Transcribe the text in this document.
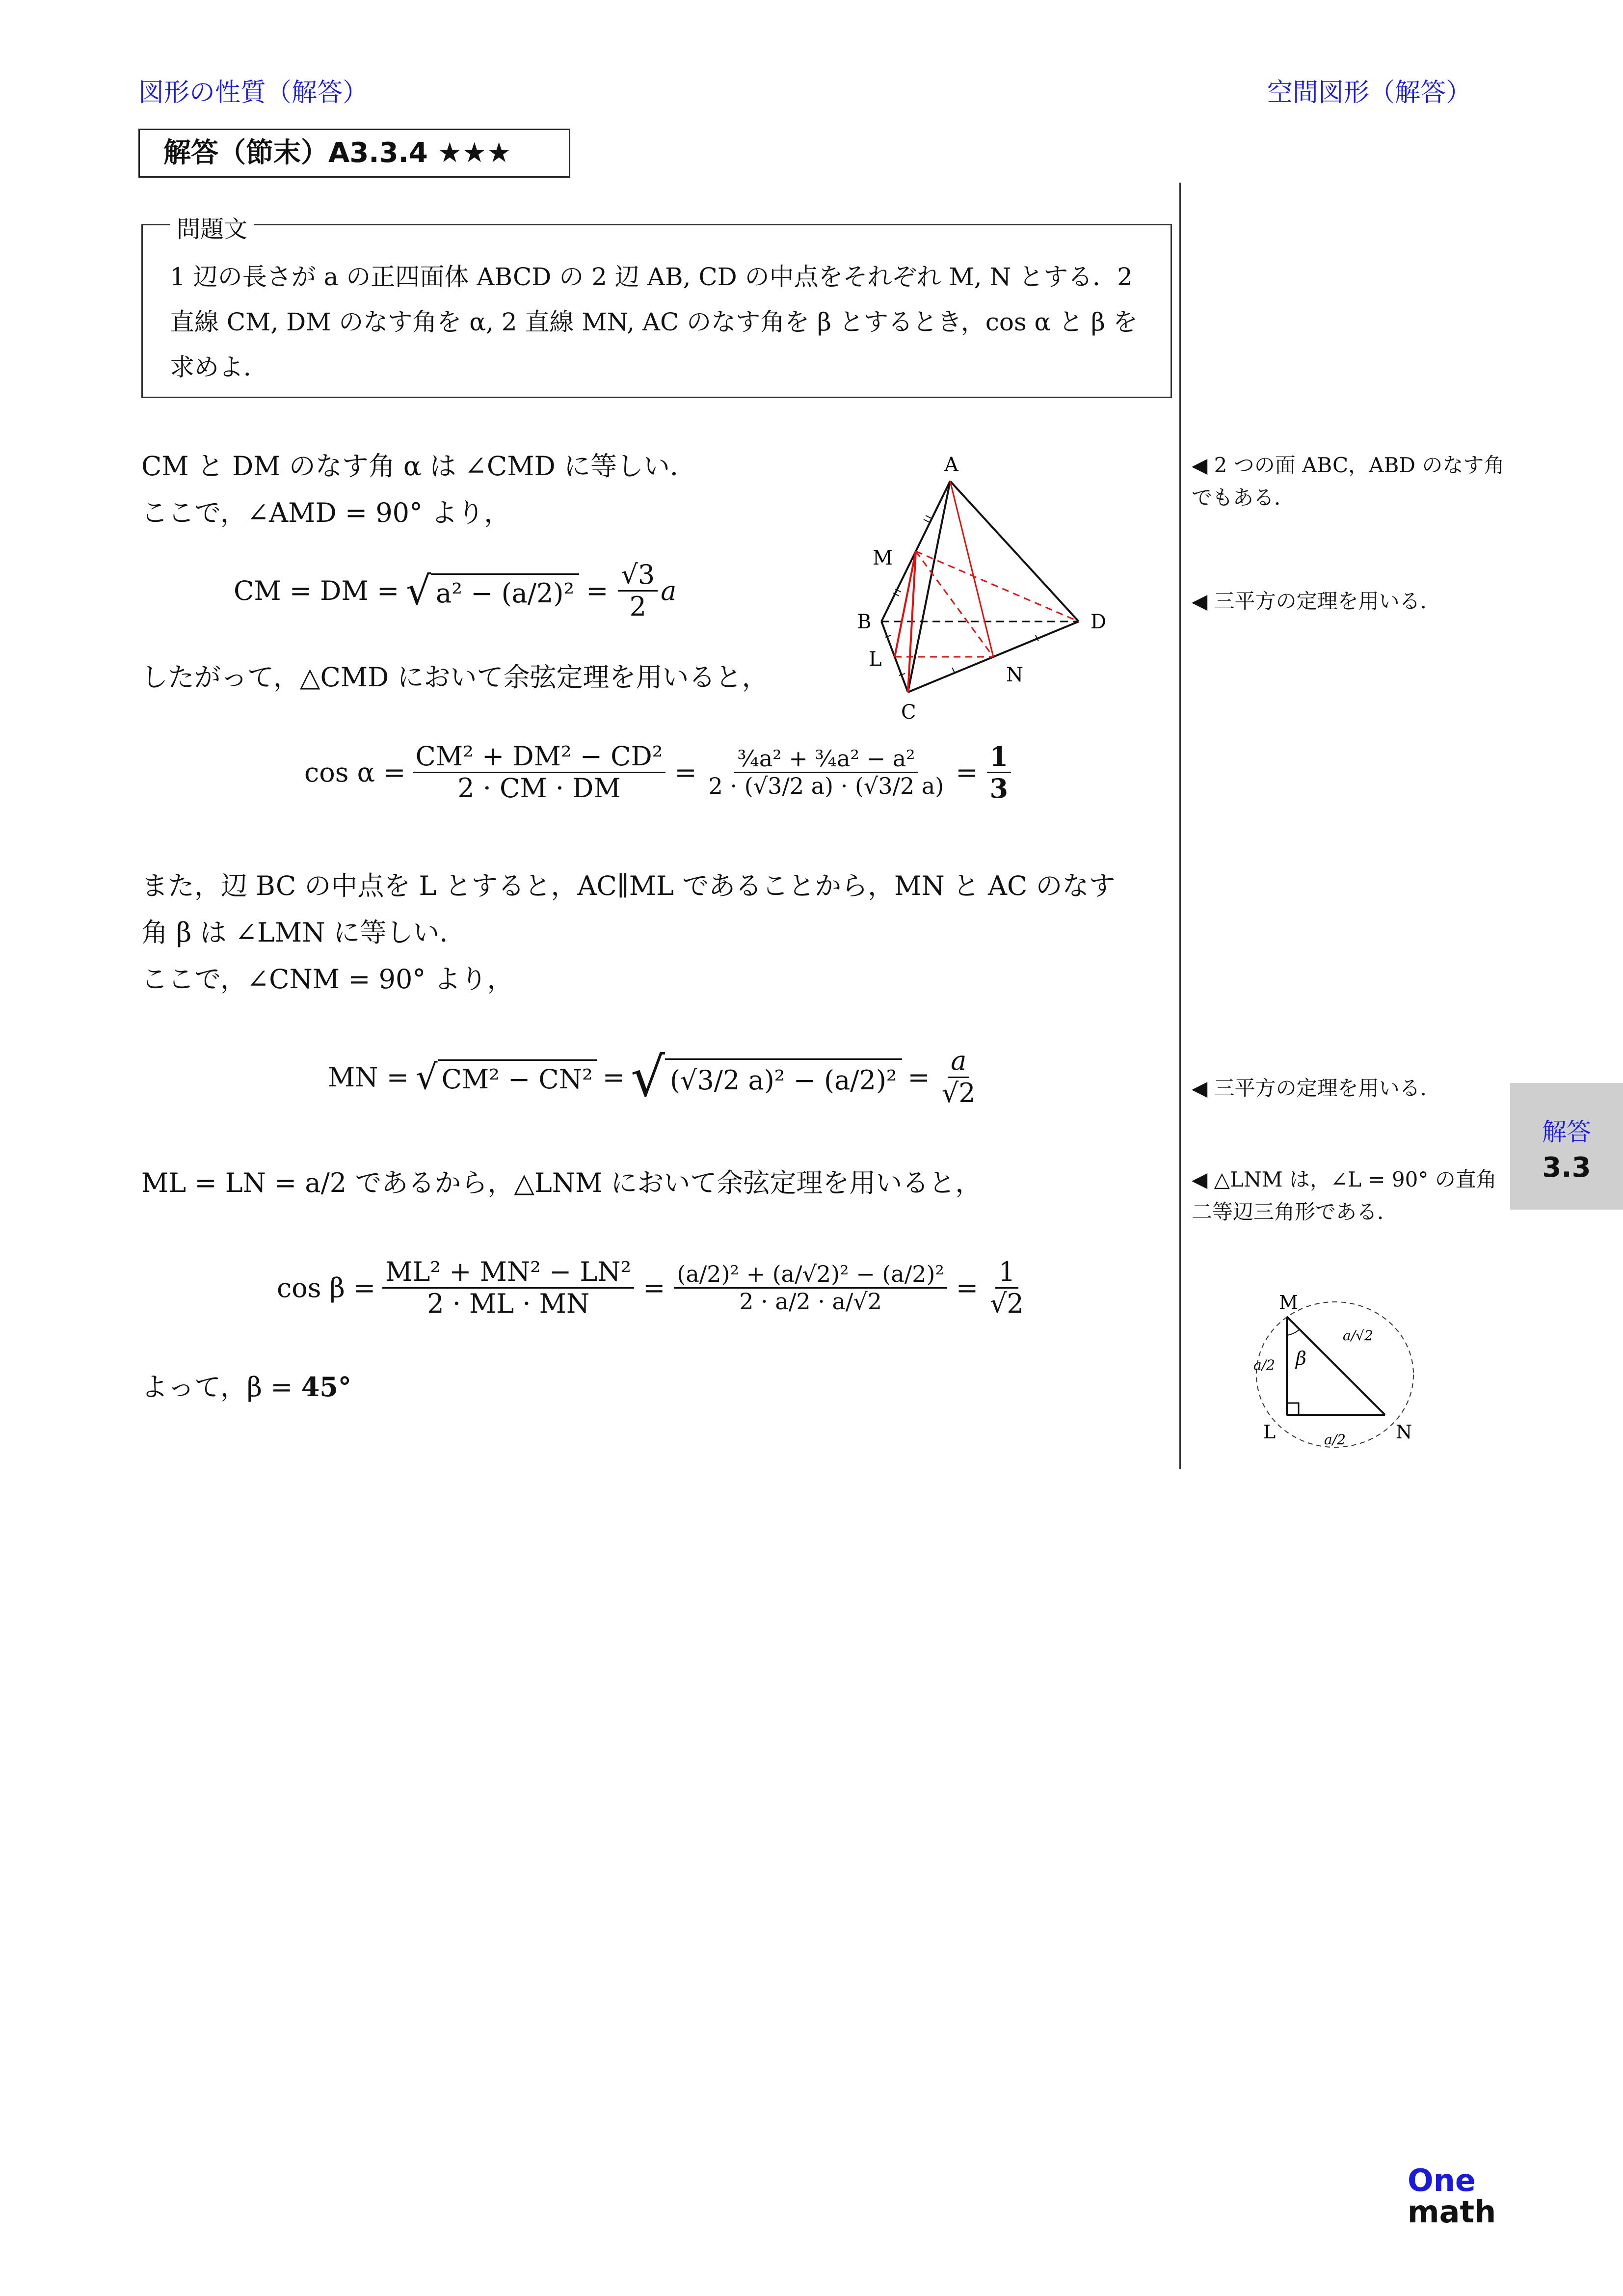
図形の性質（解答）	空間図形（解答）
解答（節末）A3.3.4 ★★★
問題文
1 辺の長さが a の正四面体 ABCD の 2 辺 AB, CD の中点をそれぞれ M, N とする．2 直線 CM, DM のなす角を α, 2 直線 MN, AC のなす角を β とするとき，cos α と β を求めよ．
CM と DM のなす角 α は ∠CMD に等しい．
ここで，∠AMD = 90° より，
CM = DM = √ $a^2 - (a/2)^2 = \frac{√3}{2}$ a
したがって，△CMD において余弦定理を用いると，
$\cos \alpha = \frac{\text{CM² + DM² − CD²}}{2 \cdot CM \cdot DM} = \frac{\text{¾a² + ¾a² − a²}}{2 \cdot (√3/2 a) \cdot (√3/2 a)} = \frac{1}{3}$
また，辺 BC の中点を L とすると，AC∥ML であることから，MN と AC のなす
角 β は ∠LMN に等しい．
ここで，∠CNM = 90° より，
MN = √ CM² − CN² = √ (√3/2 $a)^2 - (a/2)^2 = \frac{a}{√2}$
ML = LN = a/2 であるから，△LNM において余弦定理を用いると，
$\cos \beta = \frac{\text{ML² + MN² − LN²}}{2 \cdot ML \cdot MN} = \frac{\text{(a/2)² + (a/√2)² − (a/2)²}}{2 \cdot a/2 \cdot a/√2} = \frac{1}{√2}$
よって，β = 45°
A
B
C
D
M
N
L
◀ 2 つの面 ABC，ABD のなす角でもある．
◀ 三平方の定理を用いる．
◀ 三平方の定理を用いる．
◀ △LNM は，∠L = 90° の直角二等辺三角形である．
M
L	N
β
a/2
a/2
a/√2
解答
3.3
One
math
